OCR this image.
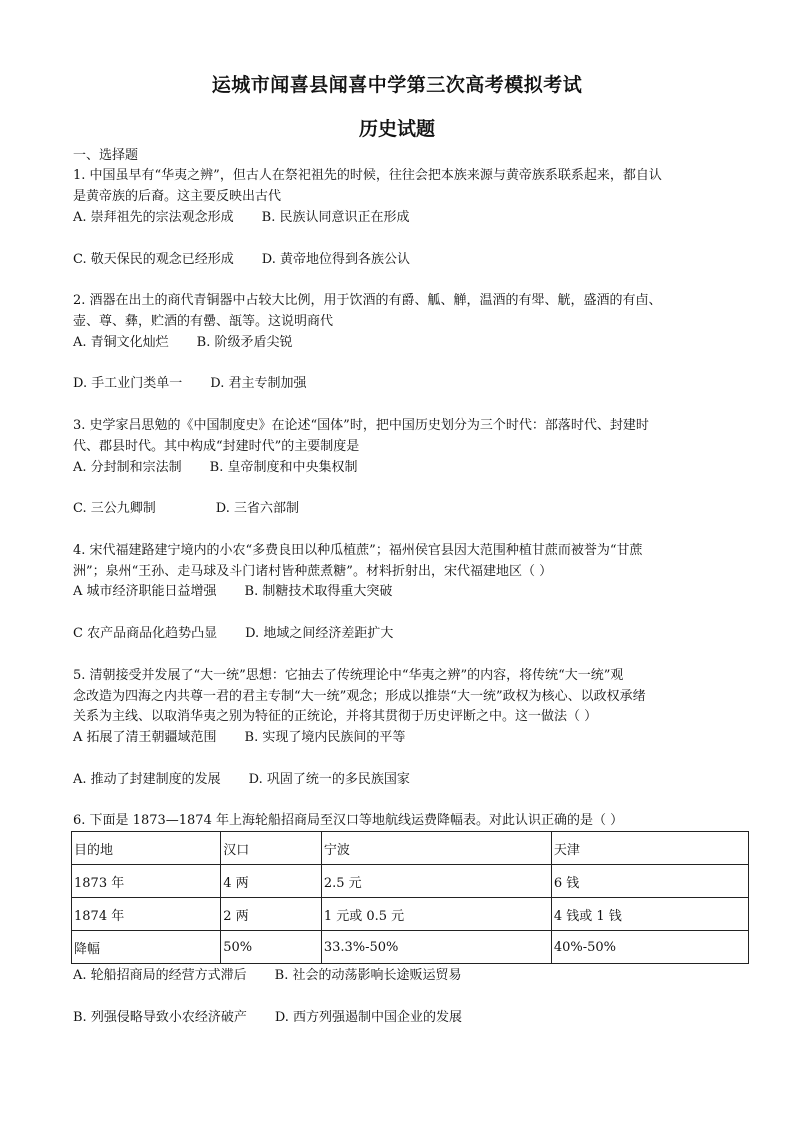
运城市闻喜县闻喜中学第三次高考模拟考试
历史试题
一、选择题
1. 中国虽早有“华夷之辨”，但古人在祭祀祖先的时候，往往会把本族来源与黄帝族系联系起来，都自认
是黄帝族的后裔。这主要反映出古代
A. 崇拜祖先的宗法观念形成 B. 民族认同意识正在形成
C. 敬天保民的观念已经形成 D. 黄帝地位得到各族公认
2. 酒器在出土的商代青铜器中占较大比例，用于饮酒的有爵、觚、觯，温酒的有斝、觥，盛酒的有卣、
壶、尊、彝，贮酒的有罍、瓿等。这说明商代
A. 青铜文化灿烂 B. 阶级矛盾尖锐
D. 手工业门类单一 D. 君主专制加强
3. 史学家吕思勉的《中国制度史》在论述“国体”时，把中国历史划分为三个时代：部落时代、封建时
代、郡县时代。其中构成“封建时代”的主要制度是
A. 分封制和宗法制 B. 皇帝制度和中央集权制
C. 三公九卿制	D. 三省六部制
4. 宋代福建路建宁境内的小农“多费良田以种瓜植蔗”；福州侯官县因大范围种植甘蔗而被誉为“甘蔗
洲”；泉州“王孙、走马球及斗门诸村皆种蔗煮糖”。材料折射出，宋代福建地区（ ）
A 城市经济职能日益增强 B. 制糖技术取得重大突破
C 农产品商品化趋势凸显 D. 地域之间经济差距扩大
5. 清朝接受并发展了“大一统”思想：它抽去了传统理论中“华夷之辨”的内容，将传统“大一统”观
念改造为四海之内共尊一君的君主专制“大一统”观念；形成以推崇“大一统”政权为核心、以政权承绪
关系为主线、以取消华夷之别为特征的正统论，并将其贯彻于历史评断之中。这一做法（ ）
A 拓展了清王朝疆域范围 B. 实现了境内民族间的平等
A. 推动了封建制度的发展 D. 巩固了统一的多民族国家
6. 下面是 1873—1874 年上海轮船招商局至汉口等地航线运费降幅表。对此认识正确的是（ ）
目的地	汉口	宁波	天津
1873 年	4 两	2.5 元	6 钱
1874 年	2 两	1 元或 0.5 元	4 钱或 1 钱
降幅	50%	33.3%-50%	40%-50%
A. 轮船招商局的经营方式滞后 B. 社会的动荡影响长途贩运贸易
B. 列强侵略导致小农经济破产 D. 西方列强遏制中国企业的发展
